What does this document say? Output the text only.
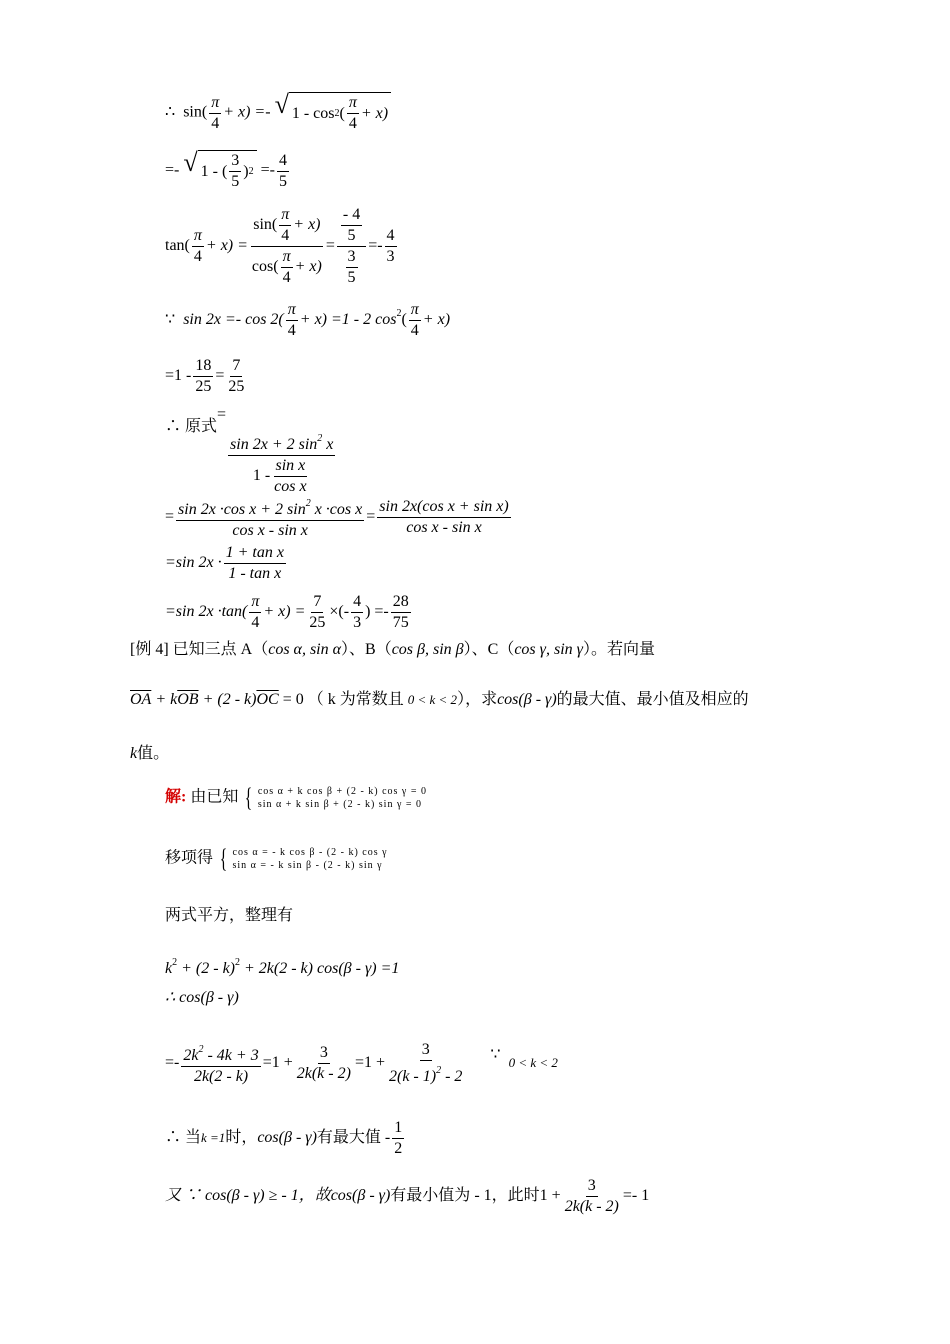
∴ $\sin( \frac{\pi}{4} + x)$ =- √ 1 - cos 2 ( $\frac{\pi}{4} + x$)
=- √ 1 - ( $\frac{3}{5}$ ) $2 =- \frac{4}{5}$
$\tan( \frac{\pi}{4} + x) = \frac{\sin( \frac{\pi}{4} + x)}{\cos( \frac{\pi}{4} + x)} = \frac{\frac{- 4}{5}}{\frac{3}{5}} =- \frac{4}{3}$
∵ $\sin 2x =- \cos 2( \frac{\pi}{4} + x) =1 - 2$ $\cos^2( \frac{\pi}{4} + x)$
$=1 - \frac{18}{25} = \frac{7}{25}$
∴ 原式=
$\frac{\sin 2x + 2 \sin^2 x}{1 - \frac{\text{sin x}}{\text{cos x}}}$
= $\frac{\sin 2x \cdot\cos x + 2 \sin^2 x \cdot\cos x}{\text{cos x - sin x}} = \frac{\text{sin 2x(cos x + sin x)}}{\text{cos x - sin x}}$
=sin $2x \cdot \frac{\text{1 + tan x}}{\text{1 - tan x}}$
=sin $2x \cdot\tan( \frac{\pi}{4} + x) = \frac{7}{25}$ ×(- $\frac{4}{3}$ ) =- $\frac{28}{75}$
[例 4] 已知三点 A（cos α, sin α）、B（cos β, sin β）、C（cos γ, sin γ）。若向量
$\overline{OA} + k\overline{OB} + (2 - k)\overline{OC} = 0$ （ k 为常数且 0 < k < 2），求cos(β - γ)的最大值、最小值及相应的
k值。
解: 由已知 { cos α + k cos β + (2 - k) cos γ = 0
sin α + k sin β + (2 - k) sin γ = 0
移项得 { cos α = - k cos β - (2 - k) cos γ
sin α = - k sin β - (2 - k) sin γ
两式平方，整理有
$k^2 + (2 - k)^2 + 2k(2 - k)$ cos(β - γ) =1
∴ cos(β - γ)
=- $\frac{2k^2 - 4k + 3}{2k(2 - k)} =1 + \frac{3}{2k(k - 2)} =1 + \frac{3}{2(k - 1)^2 - 2}$ ∵ 0 < k < 2
∴ 当k =1时，cos(β - γ)有最大值 - $\frac{1}{2}$
又 ∵ cos(β - γ) ≥ - 1，故cos(β - γ)有最小值为 - 1，此时$1 + \frac{3}{2k(k - 2)} =- 1$
